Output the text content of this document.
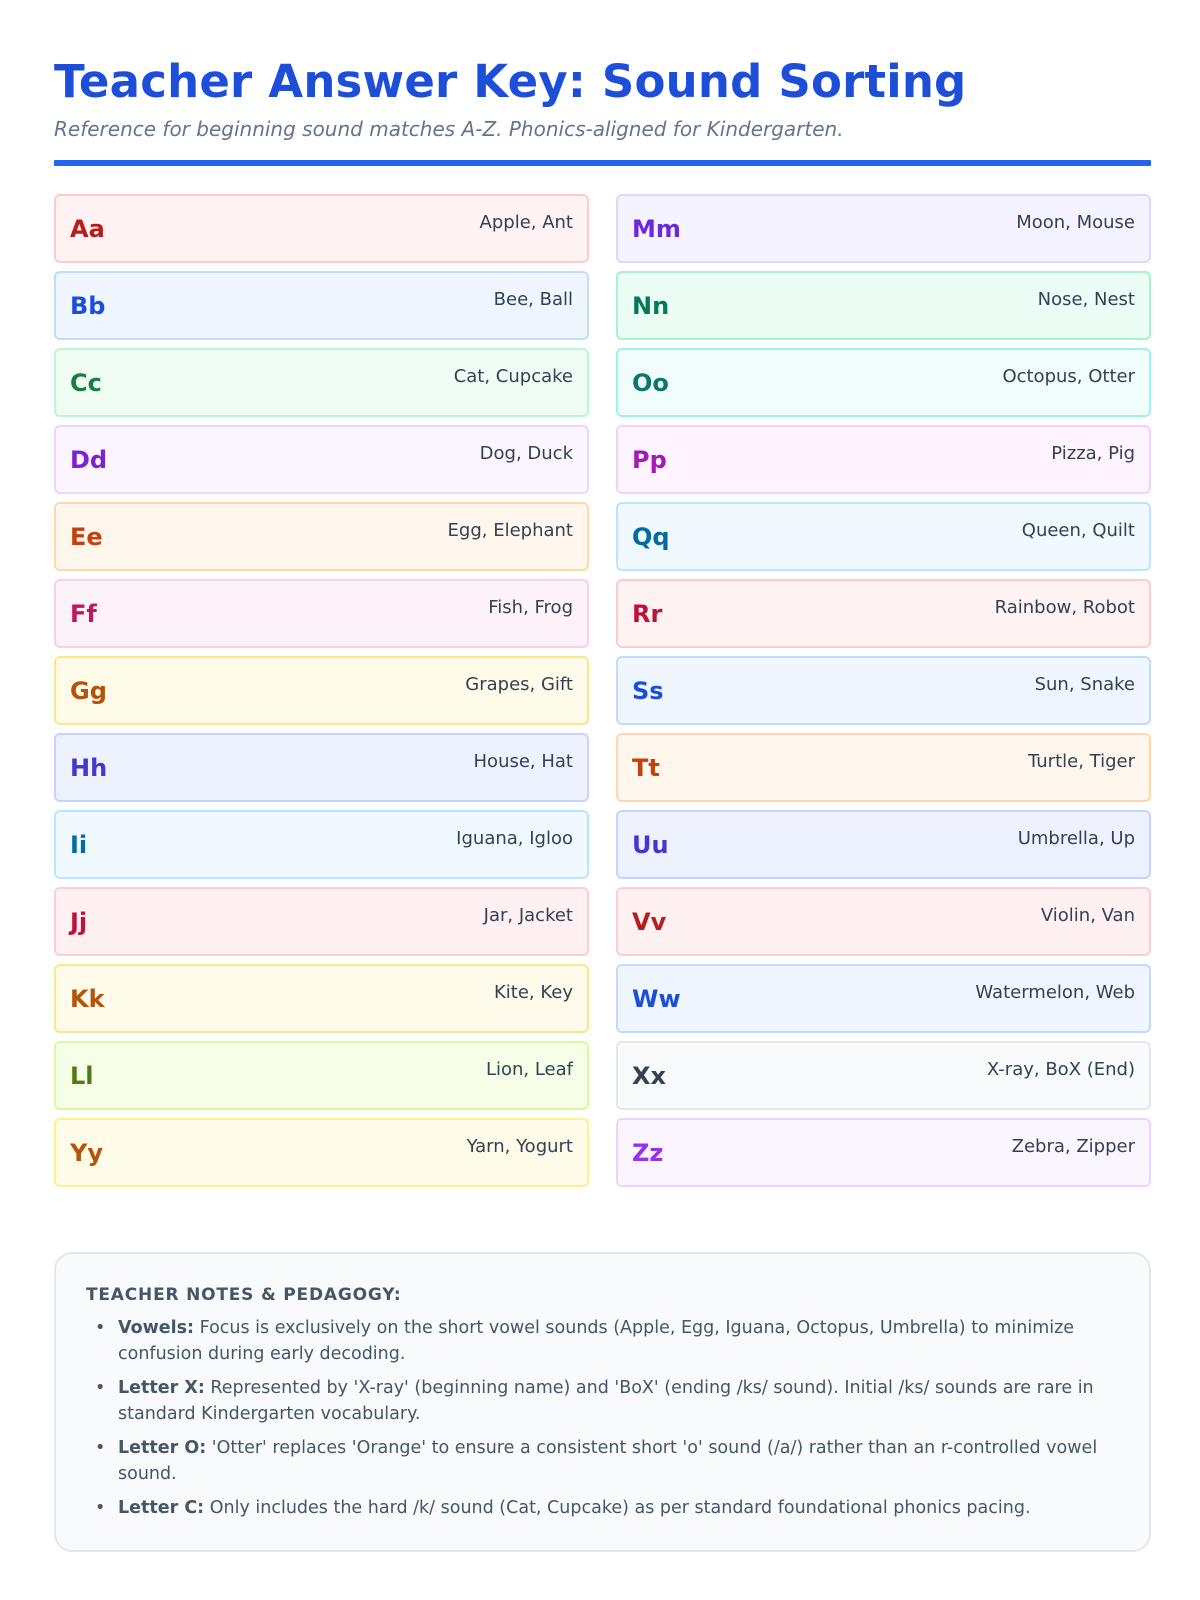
Teacher Answer Key: Sound Sorting
Reference for beginning sound matches A-Z. Phonics-aligned for Kindergarten.
Aa	Apple, Ant
Bb	Bee, Ball
Cc	Cat, Cupcake
Dd	Dog, Duck
Ee	Egg, Elephant
Ff	Fish, Frog
Gg	Grapes, Gift
Hh	House, Hat
Ii	Iguana, Igloo
Jj	Jar, Jacket
Kk	Kite, Key
Ll	Lion, Leaf
Yy	Yarn, Yogurt
Mm	Moon, Mouse
Nn	Nose, Nest
Oo	Octopus, Otter
Pp	Pizza, Pig
Qq	Queen, Quilt
Rr	Rainbow, Robot
Ss	Sun, Snake
Tt	Turtle, Tiger
Uu	Umbrella, Up
Vv	Violin, Van
Ww	Watermelon, Web
Xx	X-ray, BoX (End)
Zz	Zebra, Zipper
TEACHER NOTES & PEDAGOGY:
• Vowels: Focus is exclusively on the short vowel sounds (Apple, Egg, Iguana, Octopus, Umbrella) to minimize confusion during early decoding.
• Letter X: Represented by 'X-ray' (beginning name) and 'BoX' (ending /ks/ sound). Initial /ks/ sounds are rare in standard Kindergarten vocabulary.
• Letter O: 'Otter' replaces 'Orange' to ensure a consistent short 'o' sound (/a/) rather than an r-controlled vowel sound.
• Letter C: Only includes the hard /k/ sound (Cat, Cupcake) as per standard foundational phonics pacing.
